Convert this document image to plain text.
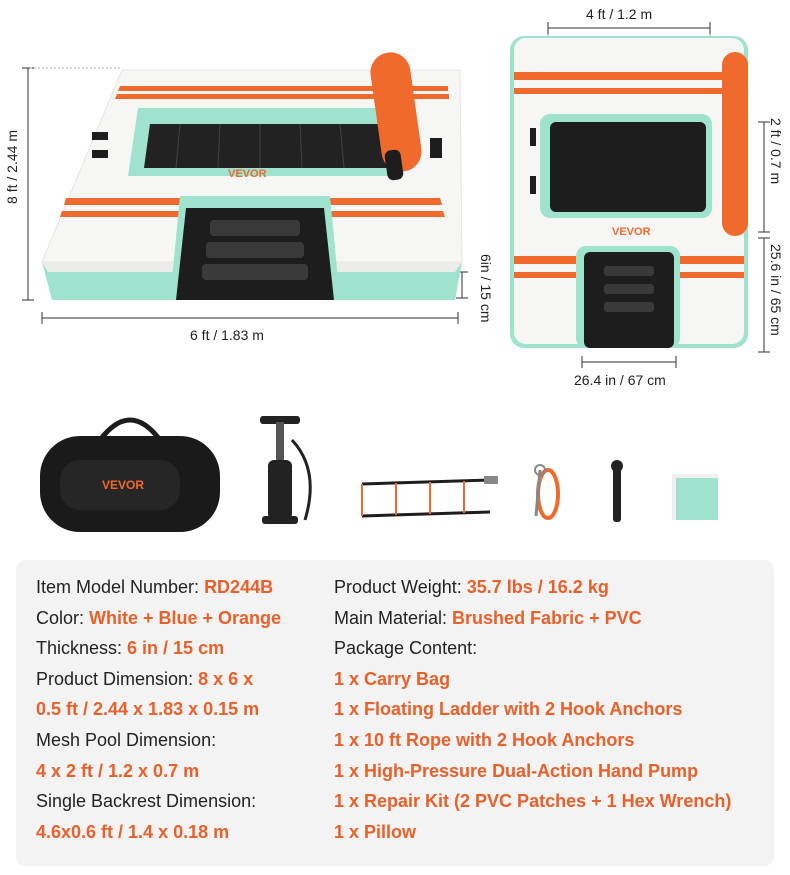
VEVOR
8 ft / 2.44 m
6 ft / 1.83 m
6in / 15 cm
VEVOR
4 ft / 1.2 m
2 ft / 0.7 m
25.6 in / 65 cm
26.4 in / 67 cm
VEVOR
Item Model Number: RD244B
Color: White + Blue + Orange
Thickness: 6 in / 15 cm
Product Dimension: 8 x 6 x
0.5 ft / 2.44 x 1.83 x 0.15 m
Mesh Pool Dimension:
4 x 2 ft / 1.2 x 0.7 m
Single Backrest Dimension:
4.6x0.6 ft / 1.4 x 0.18 m
Product Weight: 35.7 lbs / 16.2 kg
Main Material: Brushed Fabric + PVC
Package Content:
1 x Carry Bag
1 x Floating Ladder with 2 Hook Anchors
1 x 10 ft Rope with 2 Hook Anchors
1 x High-Pressure Dual-Action Hand Pump
1 x Repair Kit (2 PVC Patches + 1 Hex Wrench)
1 x Pillow
